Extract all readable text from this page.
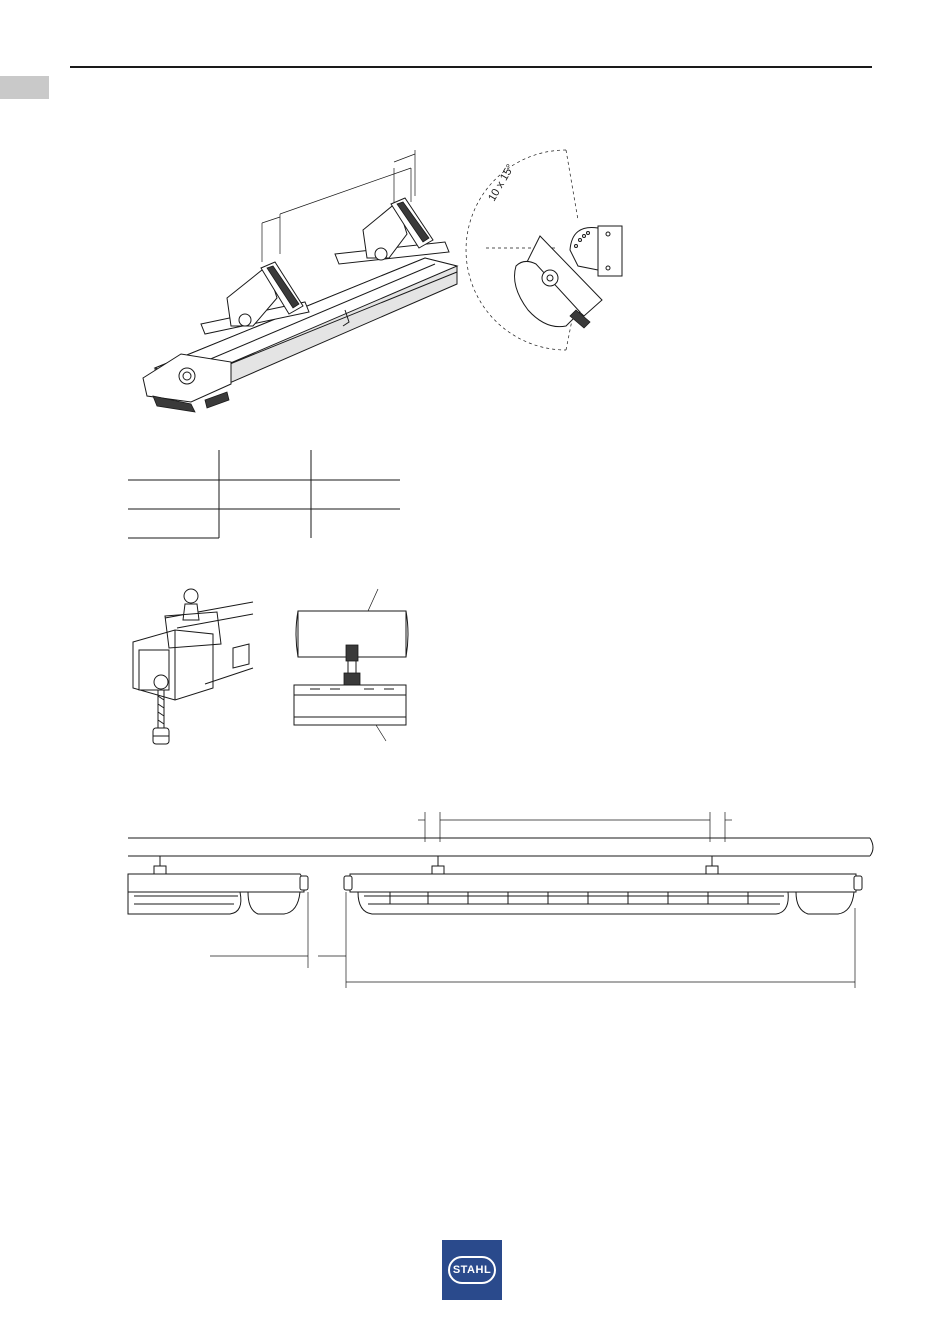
10 x 15°
STAHL
